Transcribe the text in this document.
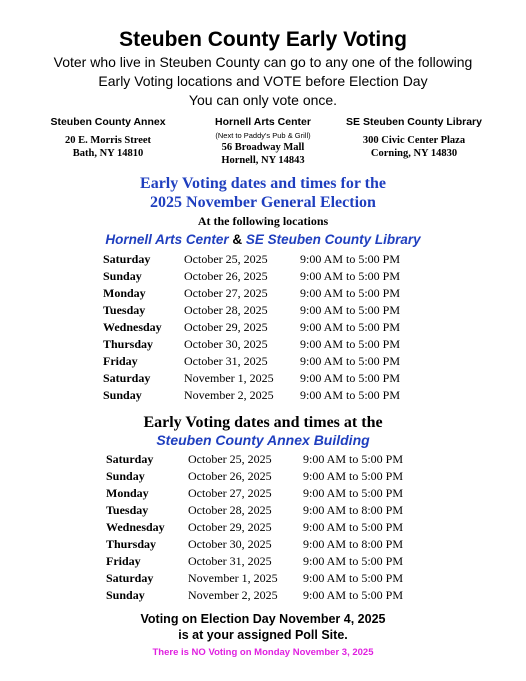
Steuben County Early Voting
Voter who live in Steuben County can go to any one of the following
Early Voting locations and VOTE before Election Day
You can only vote once.
Steuben County Annex
20 E. Morris Street
Bath, NY 14810
Hornell Arts Center
(Next to Paddy's Pub & Grill)
56 Broadway Mall
Hornell, NY 14843
SE Steuben County Library
300 Civic Center Plaza
Corning, NY 14830
Early Voting dates and times for the
2025 November General Election
At the following locations
Hornell Arts Center & SE Steuben County Library
Saturday	October 25, 2025	9:00 AM to 5:00 PM
Sunday	October 26, 2025	9:00 AM to 5:00 PM
Monday	October 27, 2025	9:00 AM to 5:00 PM
Tuesday	October 28, 2025	9:00 AM to 5:00 PM
Wednesday October 29, 2025	9:00 AM to 5:00 PM
Thursday	October 30, 2025	9:00 AM to 5:00 PM
Friday	October 31, 2025	9:00 AM to 5:00 PM
Saturday	November 1, 2025 9:00 AM to 5:00 PM
Sunday	November 2, 2025 9:00 AM to 5:00 PM
Early Voting dates and times at the
Steuben County Annex Building
Saturday	October 25, 2025	9:00 AM to 5:00 PM
Sunday	October 26, 2025	9:00 AM to 5:00 PM
Monday	October 27, 2025	9:00 AM to 5:00 PM
Tuesday	October 28, 2025	9:00 AM to 8:00 PM
Wednesday October 29, 2025	9:00 AM to 5:00 PM
Thursday	October 30, 2025	9:00 AM to 8:00 PM
Friday	October 31, 2025	9:00 AM to 5:00 PM
Saturday	November 1, 2025 9:00 AM to 5:00 PM
Sunday	November 2, 2025 9:00 AM to 5:00 PM
Voting on Election Day November 4, 2025
is at your assigned Poll Site.
There is NO Voting on Monday November 3, 2025
